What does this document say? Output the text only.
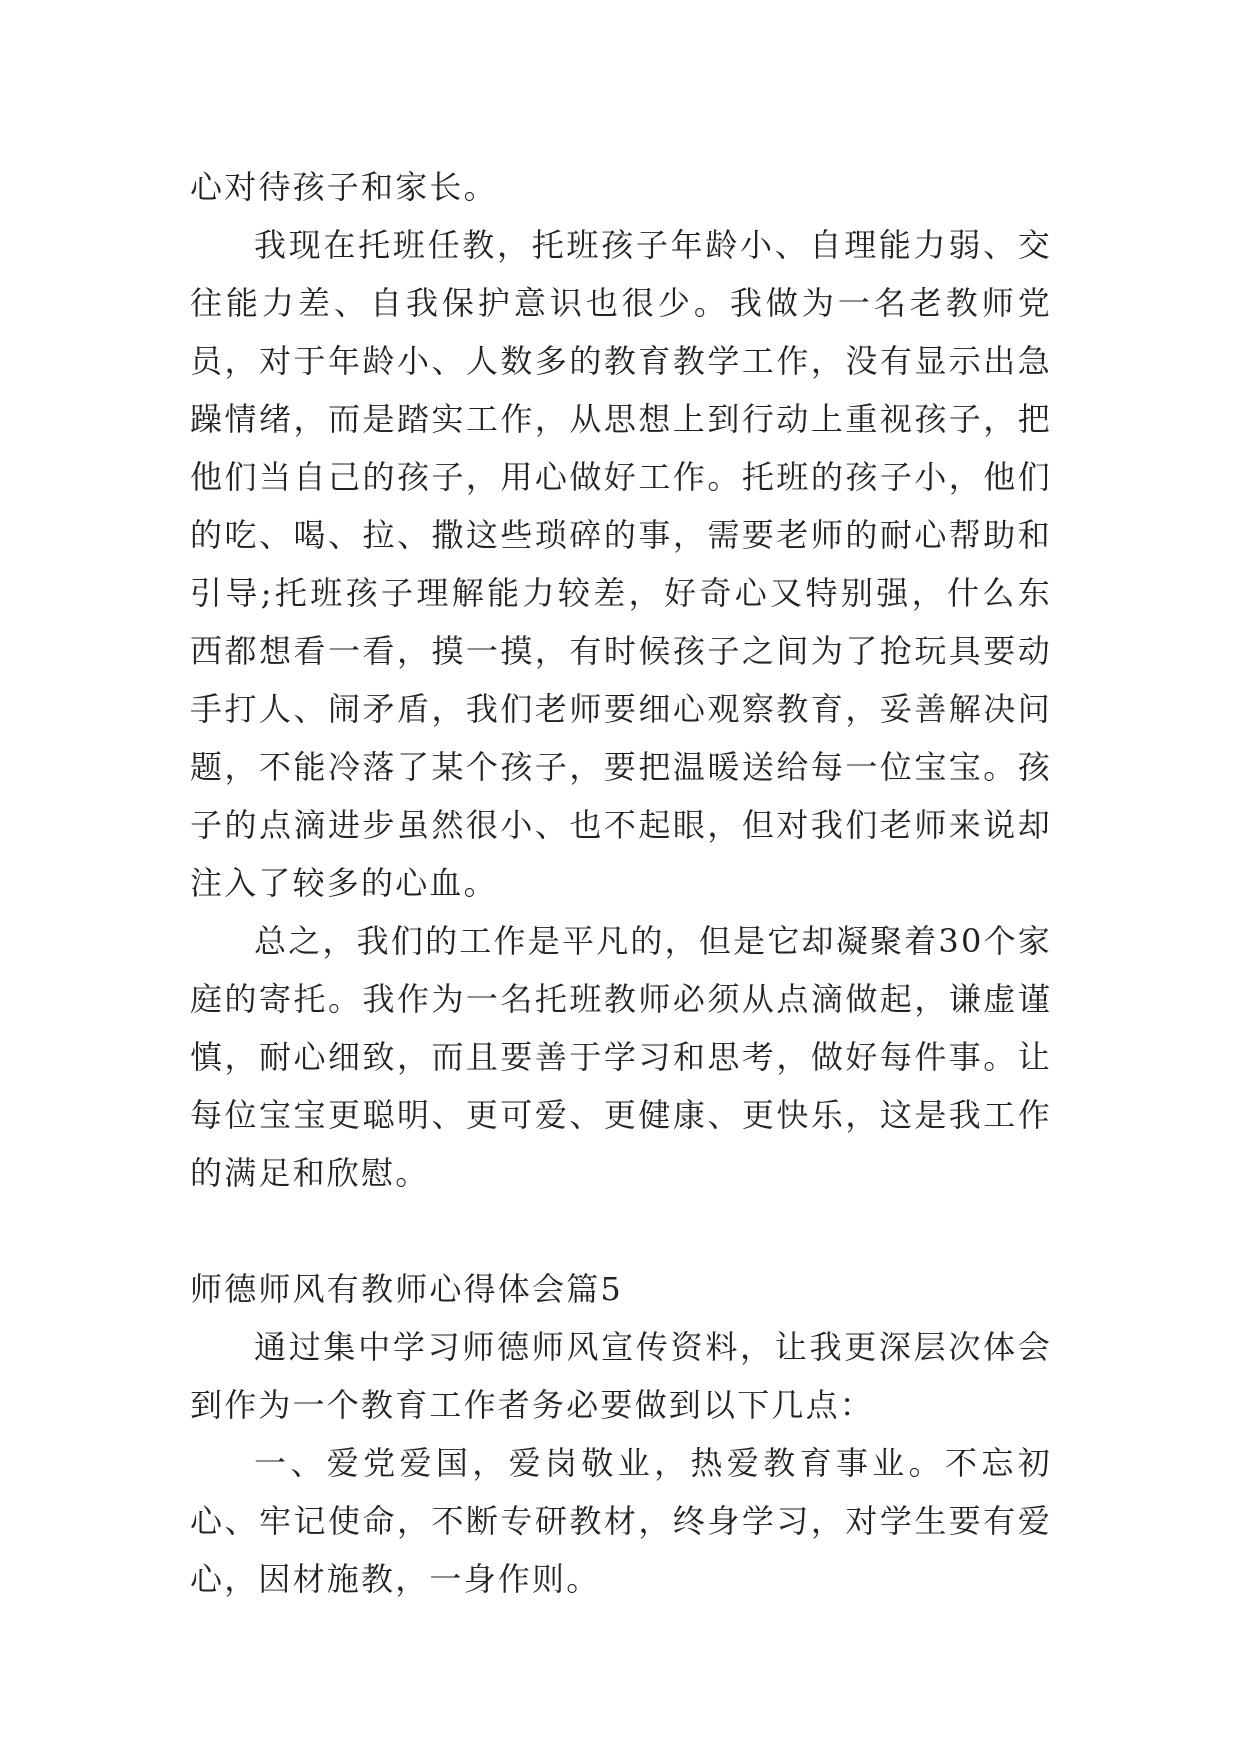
心对待孩子和家长。

我现在托班任教，托班孩子年龄小、自理能力弱、交往能力差、自我保护意识也很少。我做为一名老教师党员，对于年龄小、人数多的教育教学工作，没有显示出急躁情绪，而是踏实工作，从思想上到行动上重视孩子，把他们当自己的孩子，用心做好工作。托班的孩子小，他们的吃、喝、拉、撒这些琐碎的事，需要老师的耐心帮助和引导;托班孩子理解能力较差，好奇心又特别强，什么东西都想看一看，摸一摸，有时候孩子之间为了抢玩具要动手打人、闹矛盾，我们老师要细心观察教育，妥善解决问题，不能冷落了某个孩子，要把温暖送给每一位宝宝。孩子的点滴进步虽然很小、也不起眼，但对我们老师来说却注入了较多的心血。

总之，我们的工作是平凡的，但是它却凝聚着30个家庭的寄托。我作为一名托班教师必须从点滴做起，谦虚谨慎，耐心细致，而且要善于学习和思考，做好每件事。让每位宝宝更聪明、更可爱、更健康、更快乐，这是我工作的满足和欣慰。

师德师风有教师心得体会篇5

通过集中学习师德师风宣传资料，让我更深层次体会到作为一个教育工作者务必要做到以下几点：

一、爱党爱国，爱岗敬业，热爱教育事业。不忘初心、牢记使命，不断专研教材，终身学习，对学生要有爱心，因材施教，一身作则。
